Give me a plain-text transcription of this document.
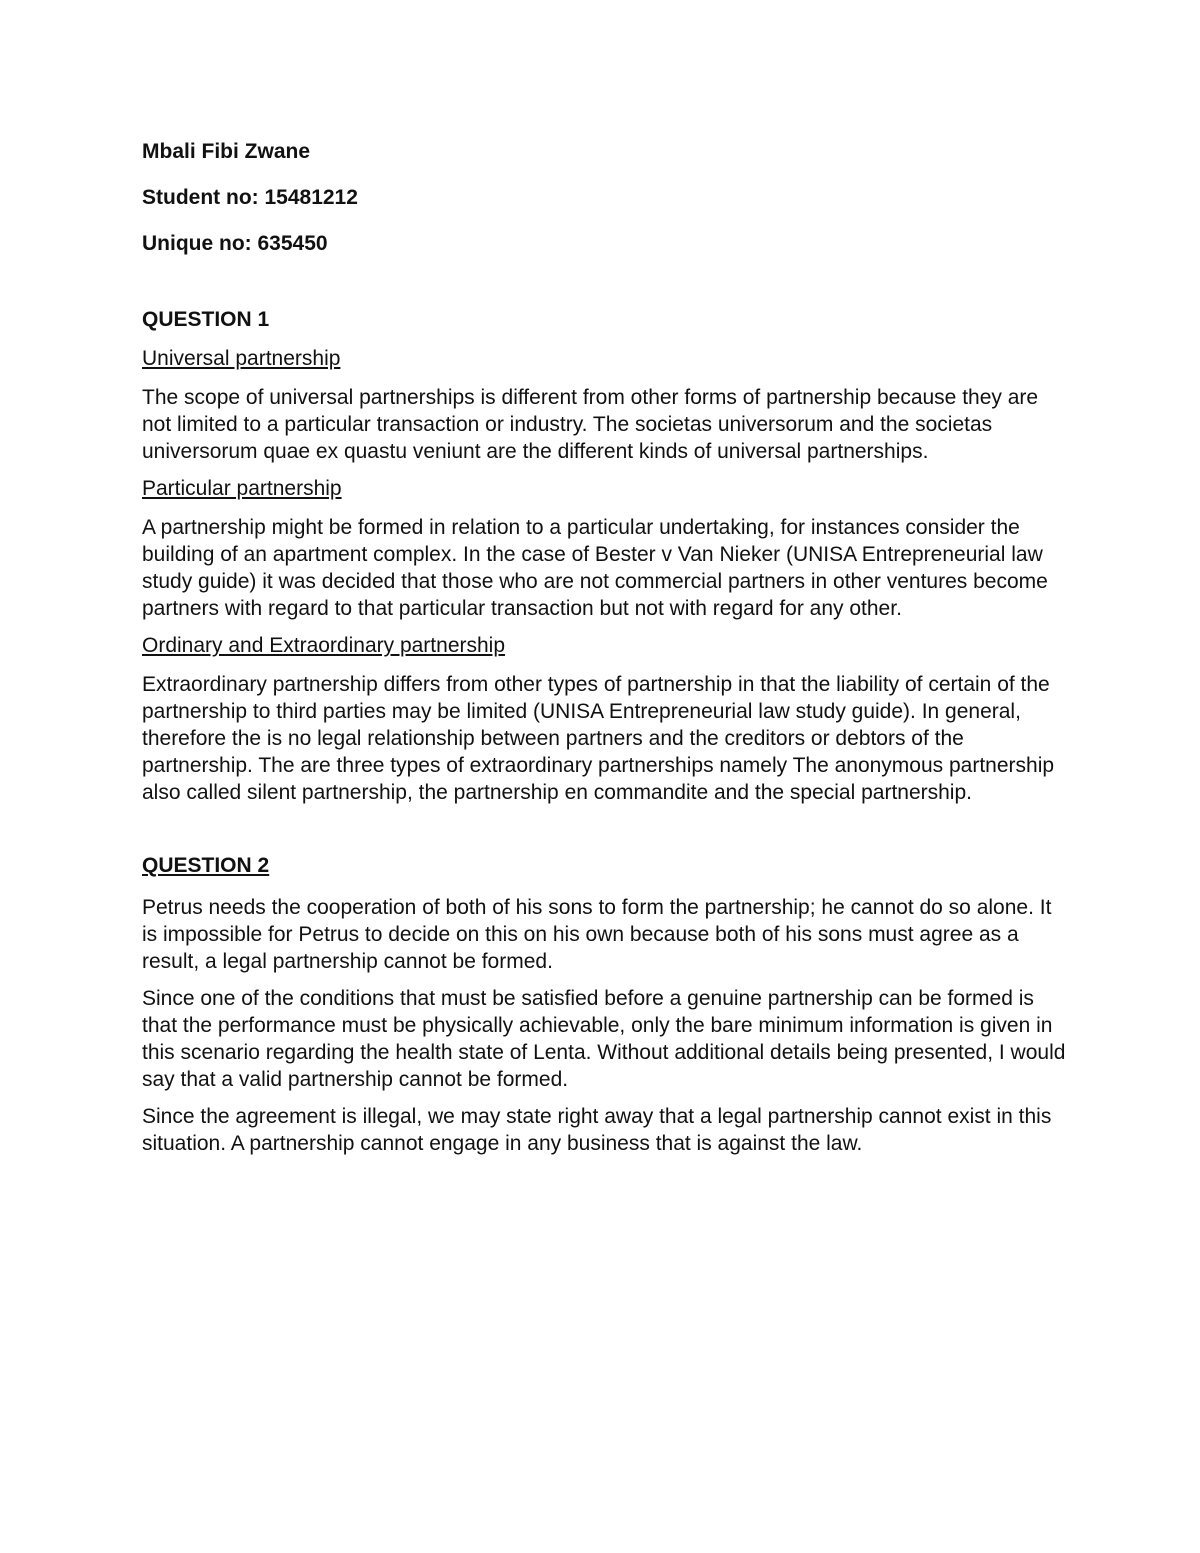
Mbali Fibi Zwane
Student no: 15481212
Unique no: 635450
QUESTION 1
Universal partnership
The scope of universal partnerships is different from other forms of partnership because they are not limited to a particular transaction or industry. The societas universorum and the societas universorum quae ex quastu veniunt are the different kinds of universal partnerships.
Particular partnership
A partnership might be formed in relation to a particular undertaking, for instances consider the building of an apartment complex. In the case of Bester v Van Nieker (UNISA Entrepreneurial law study guide) it was decided that those who are not commercial partners in other ventures become partners with regard to that particular transaction but not with regard for any other.
Ordinary and Extraordinary partnership
Extraordinary partnership differs from other types of partnership in that the liability of certain of the partnership to third parties may be limited (UNISA Entrepreneurial law study guide). In general, therefore the is no legal relationship between partners and the creditors or debtors of the partnership. The are three types of extraordinary partnerships namely The anonymous partnership also called silent partnership, the partnership en commandite and the special partnership.
QUESTION 2
Petrus needs the cooperation of both of his sons to form the partnership; he cannot do so alone. It is impossible for Petrus to decide on this on his own because both of his sons must agree as a result, a legal partnership cannot be formed.
Since one of the conditions that must be satisfied before a genuine partnership can be formed is that the performance must be physically achievable, only the bare minimum information is given in this scenario regarding the health state of Lenta. Without additional details being presented, I would say that a valid partnership cannot be formed.
Since the agreement is illegal, we may state right away that a legal partnership cannot exist in this situation. A partnership cannot engage in any business that is against the law.
